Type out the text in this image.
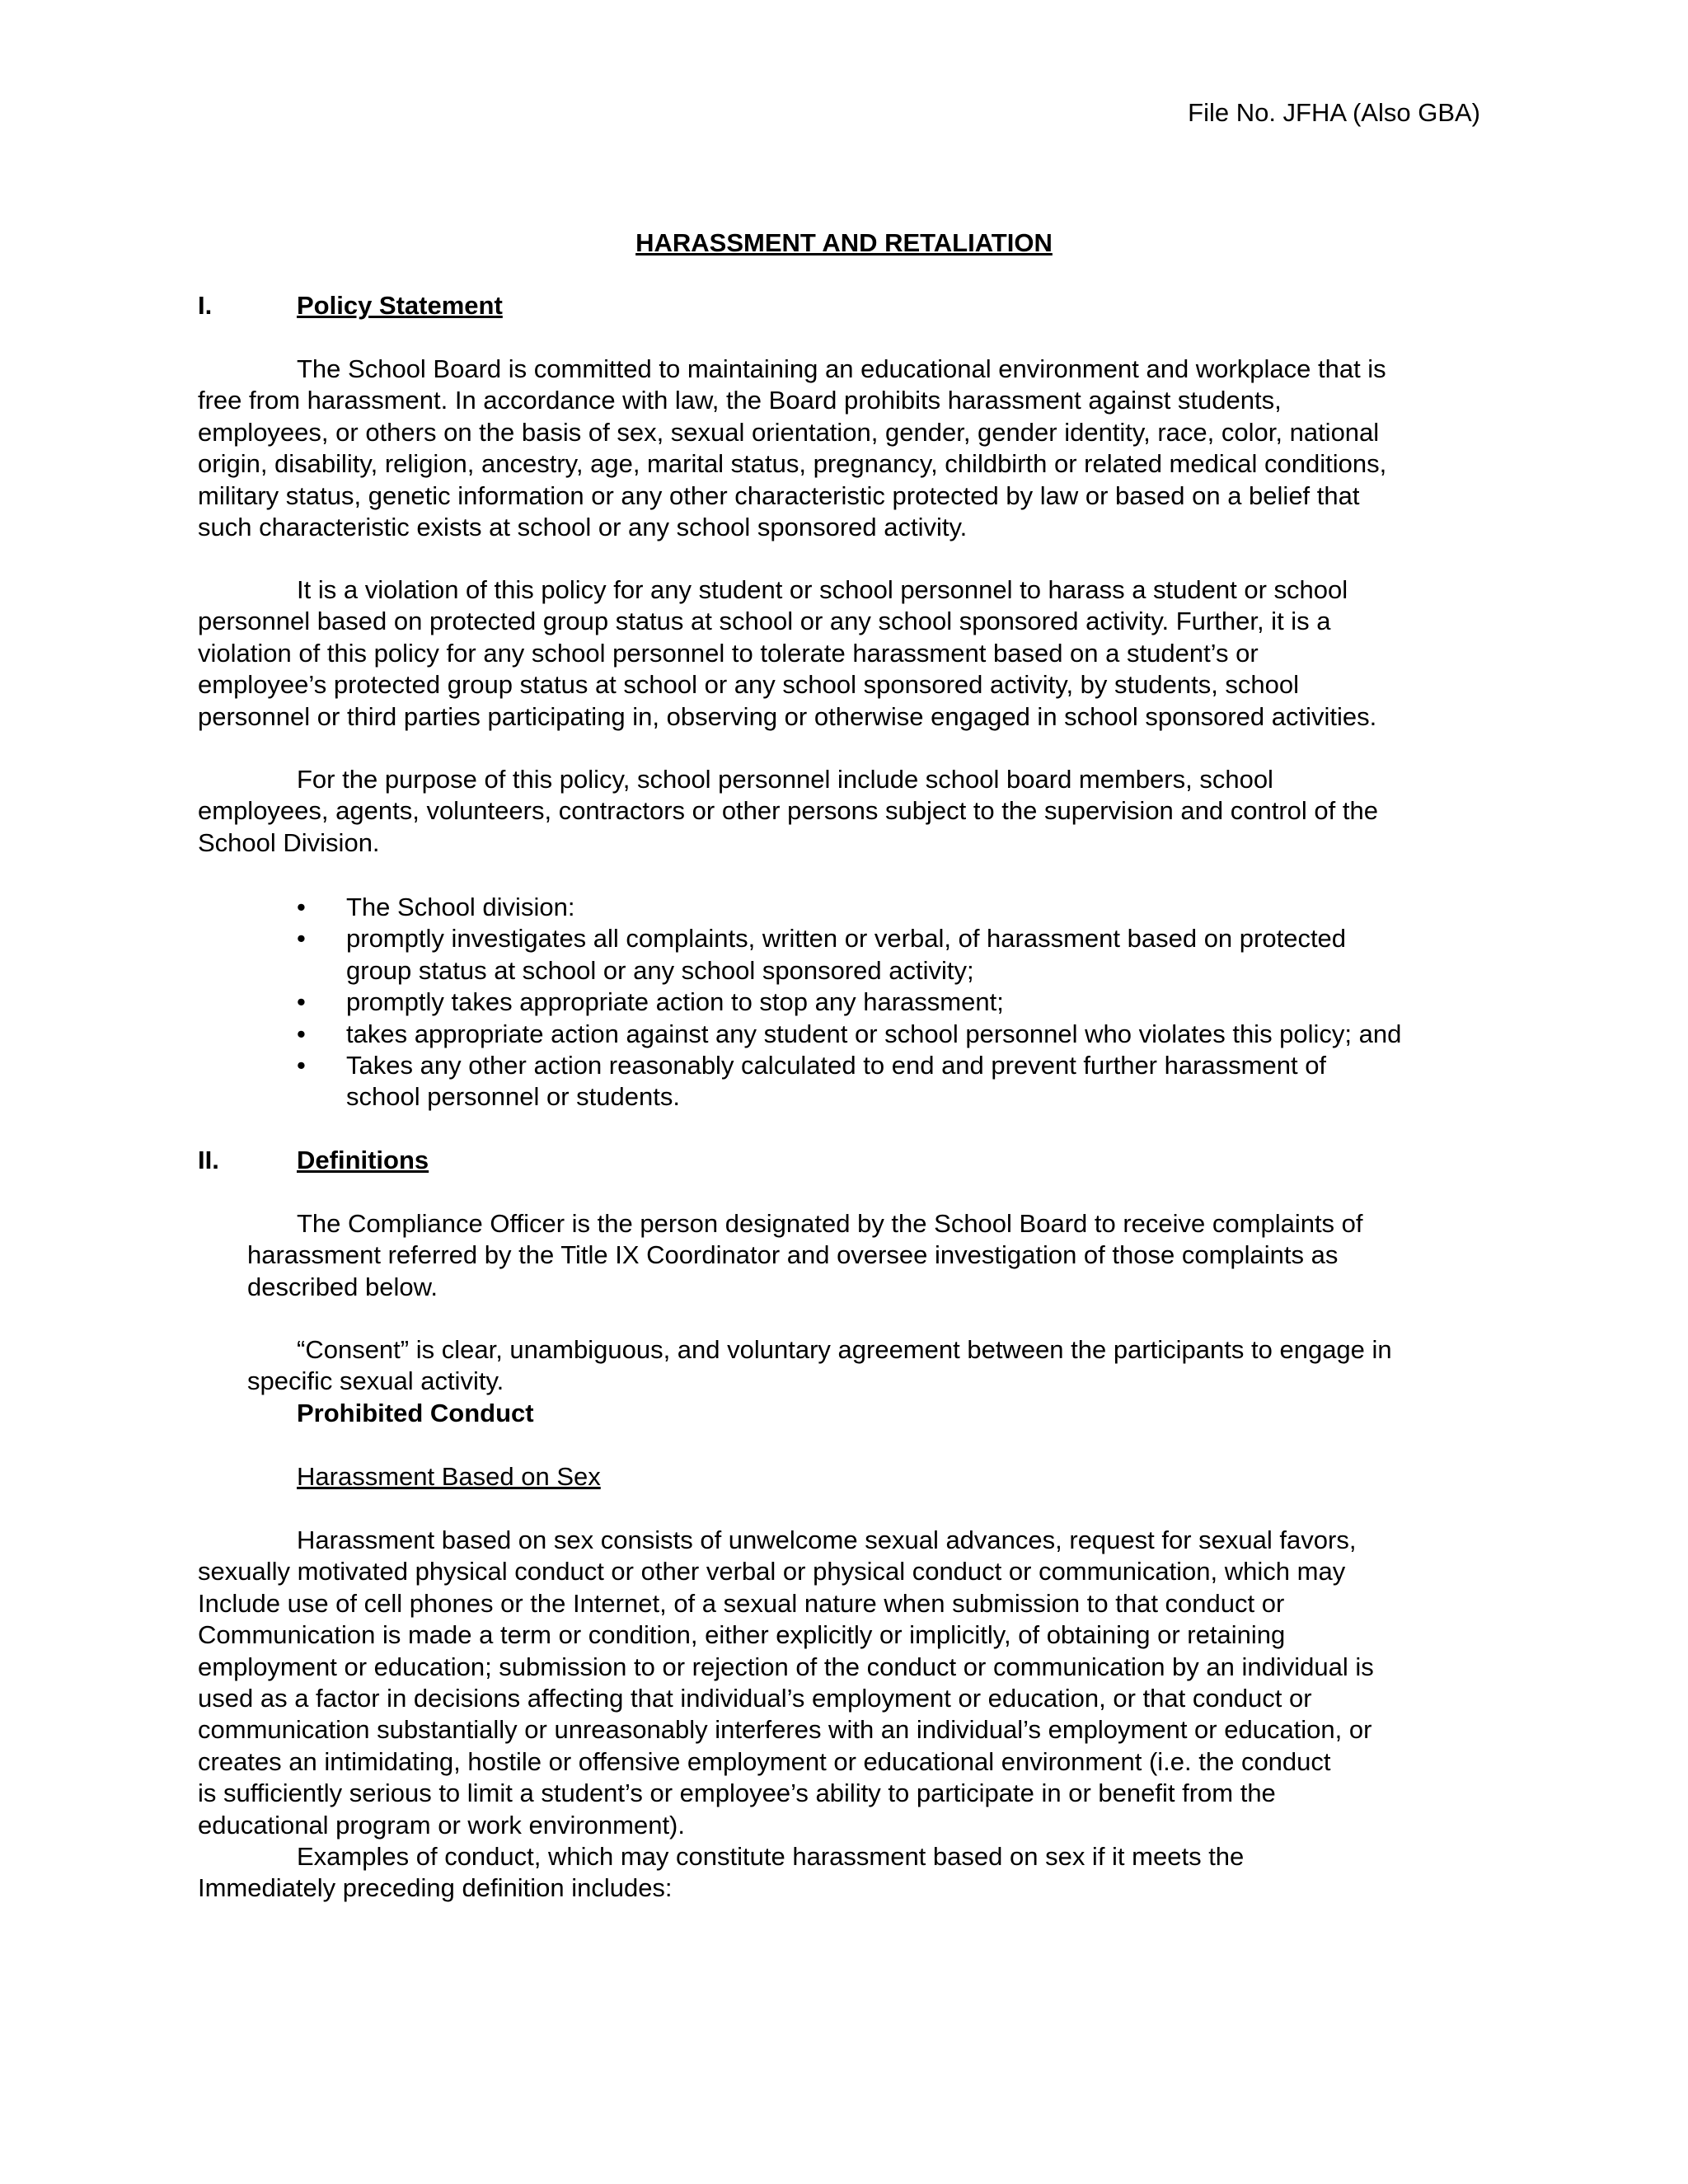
File No. JFHA (Also GBA)
HARASSMENT AND RETALIATION
I.	Policy Statement

The School Board is committed to maintaining an educational environment and workplace that is
free from harassment. In accordance with law, the Board prohibits harassment against students,
employees, or others on the basis of sex, sexual orientation, gender, gender identity, race, color, national
origin, disability, religion, ancestry, age, marital status, pregnancy, childbirth or related medical conditions,
military status, genetic information or any other characteristic protected by law or based on a belief that
such characteristic exists at school or any school sponsored activity.

It is a violation of this policy for any student or school personnel to harass a student or school
personnel based on protected group status at school or any school sponsored activity. Further, it is a
violation of this policy for any school personnel to tolerate harassment based on a student’s or
employee’s protected group status at school or any school sponsored activity, by students, school
personnel or third parties participating in, observing or otherwise engaged in school sponsored activities.

For the purpose of this policy, school personnel include school board members, school
employees, agents, volunteers, contractors or other persons subject to the supervision and control of the
School Division.

• The School division:
• promptly investigates all complaints, written or verbal, of harassment based on protected
group status at school or any school sponsored activity;
• promptly takes appropriate action to stop any harassment;
• takes appropriate action against any student or school personnel who violates this policy; and
• Takes any other action reasonably calculated to end and prevent further harassment of
school personnel or students.
II.	Definitions

The Compliance Officer is the person designated by the School Board to receive complaints of
harassment referred by the Title IX Coordinator and oversee investigation of those complaints as
described below.

“Consent” is clear, unambiguous, and voluntary agreement between the participants to engage in
specific sexual activity.

Prohibited Conduct
Harassment Based on Sex

Harassment based on sex consists of unwelcome sexual advances, request for sexual favors,
sexually motivated physical conduct or other verbal or physical conduct or communication, which may
Include use of cell phones or the Internet, of a sexual nature when submission to that conduct or
Communication is made a term or condition, either explicitly or implicitly, of obtaining or retaining
employment or education; submission to or rejection of the conduct or communication by an individual is
used as a factor in decisions affecting that individual’s employment or education, or that conduct or
communication substantially or unreasonably interferes with an individual’s employment or education, or
creates an intimidating, hostile or offensive employment or educational environment (i.e. the conduct
is sufficiently serious to limit a student’s or employee’s ability to participate in or benefit from the
educational program or work environment).

Examples of conduct, which may constitute harassment based on sex if it meets the
Immediately preceding definition includes:
